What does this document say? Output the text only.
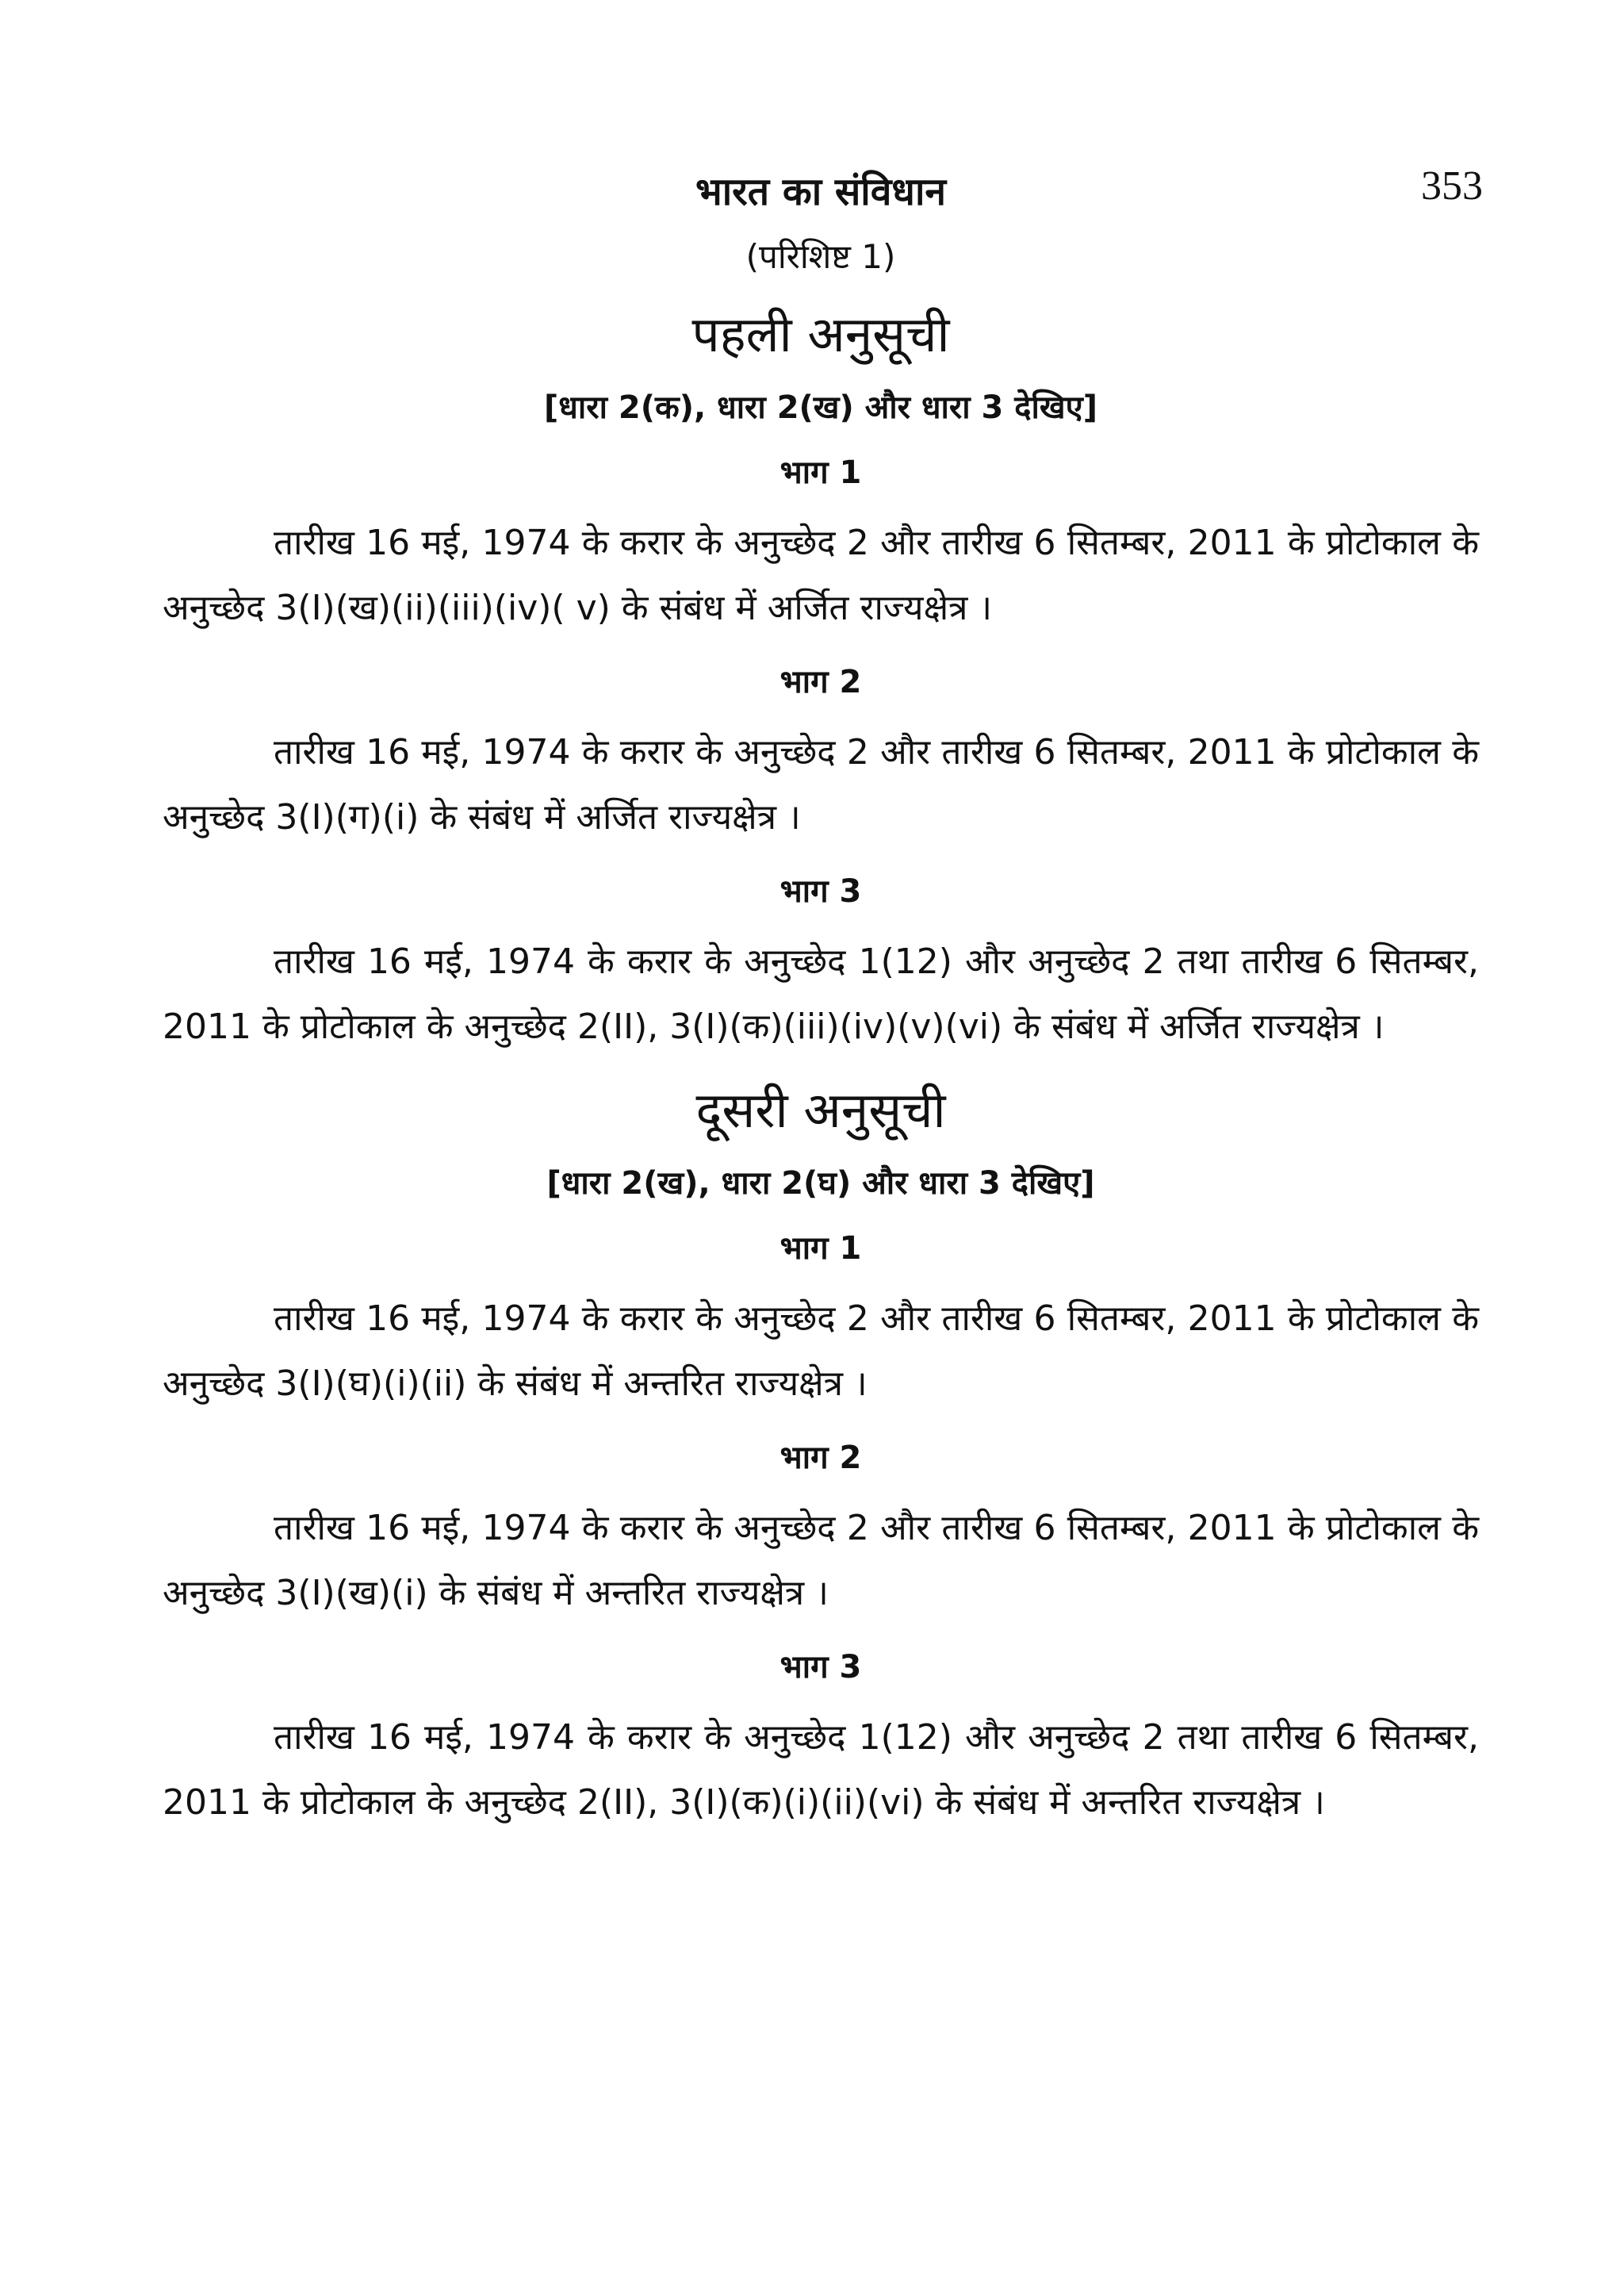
353
भारत का संविधान
(परिशिष्ट 1)
पहली अनुसूची
[धारा 2(क), धारा 2(ख) और धारा 3 देखिए]
भाग 1

तारीख 16 मई, 1974 के करार के अनुच्छेद 2 और तारीख 6 सितम्बर, 2011 के प्रोटोकाल के अनुच्छेद 3(I)(ख)(ii)(iii)(iv)( v) के संबंध में अर्जित राज्यक्षेत्र ।

भाग 2

तारीख 16 मई, 1974 के करार के अनुच्छेद 2 और तारीख 6 सितम्बर, 2011 के प्रोटोकाल के अनुच्छेद 3(I)(ग)(i) के संबंध में अर्जित राज्यक्षेत्र ।

भाग 3

तारीख 16 मई, 1974 के करार के अनुच्छेद 1(12) और अनुच्छेद 2 तथा तारीख 6 सितम्बर, 2011 के प्रोटोकाल के अनुच्छेद 2(II), 3(I)(क)(iii)(iv)(v)(vi) के संबंध में अर्जित राज्यक्षेत्र ।

दूसरी अनुसूची
[धारा 2(ख), धारा 2(घ) और धारा 3 देखिए]
भाग 1

तारीख 16 मई, 1974 के करार के अनुच्छेद 2 और तारीख 6 सितम्बर, 2011 के प्रोटोकाल के अनुच्छेद 3(I)(घ)(i)(ii) के संबंध में अन्तरित राज्यक्षेत्र ।

भाग 2

तारीख 16 मई, 1974 के करार के अनुच्छेद 2 और तारीख 6 सितम्बर, 2011 के प्रोटोकाल के अनुच्छेद 3(I)(ख)(i) के संबंध में अन्तरित राज्यक्षेत्र ।

भाग 3

तारीख 16 मई, 1974 के करार के अनुच्छेद 1(12) और अनुच्छेद 2 तथा तारीख 6 सितम्बर, 2011 के प्रोटोकाल के अनुच्छेद 2(II), 3(I)(क)(i)(ii)(vi) के संबंध में अन्तरित राज्यक्षेत्र ।
